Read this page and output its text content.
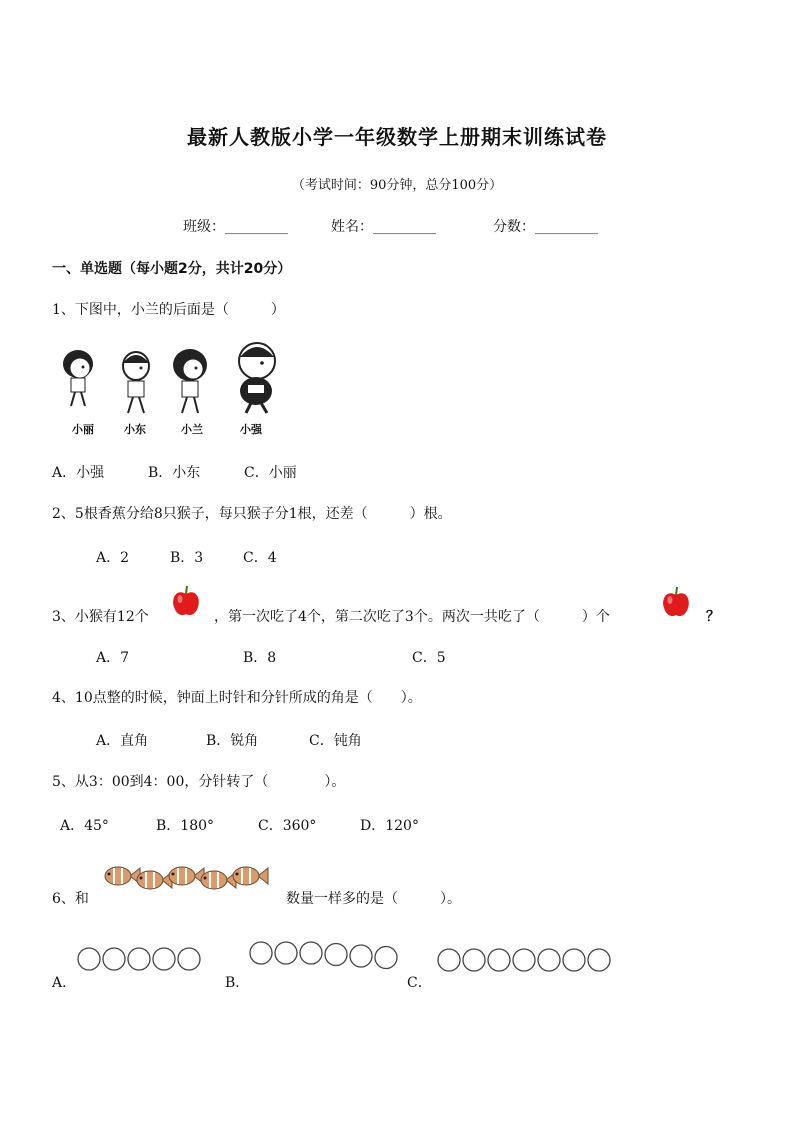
最新人教版小学一年级数学上册期末训练试卷
（考试时间：90分钟，总分100分）
班级：_________	姓名：_________	分数：_________
一、单选题（每小题2分，共计20分）
1、下图中，小兰的后面是（　　　）
小丽	小东	小兰	小强
A．小强	B．小东	C．小丽
2、5根香蕉分给8只猴子，每只猴子分1根，还差（　　　）根。
A．2	B．3	C．4
3、小猴有12个	，第一次吃了4个，第二次吃了3个。两次一共吃了（　　　）个	？
A．7	B．8	C．5
4、10点整的时候，钟面上时针和分针所成的角是（　　）。
A．直角	B．锐角	C．钝角
5、从3：00到4：00，分针转了（　　　　）。
A．45°	B．180°	C．360°	D．120°
6、和	数量一样多的是（　　　）。
A．	B．	C．
